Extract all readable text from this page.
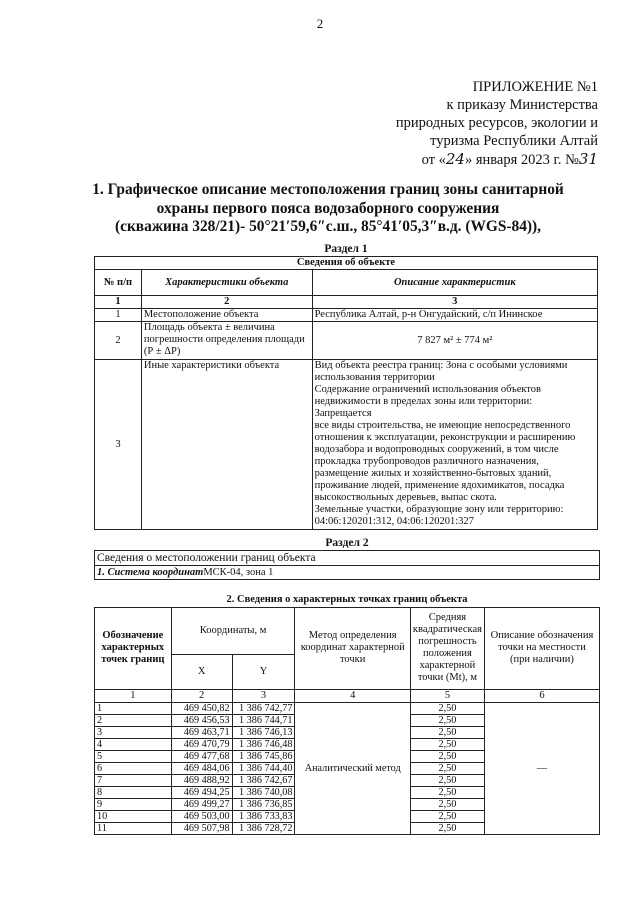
2
ПРИЛОЖЕНИЕ №1
к приказу Министерства
природных ресурсов, экологии и
туризма Республики Алтай
от «24» января 2023 г. №31
1. Графическое описание местоположения границ зоны санитарной
охраны первого пояса водозаборного сооружения
(скважина 328/21)- 50°21′59,6″с.ш., 85°41′05,3″в.д. (WGS-84)),
Раздел 1
Сведения об объекте		
№ п/п	Характеристики объекта	Описание характеристик
1	2	3
1	Местоположение объекта	Республика Алтай, р-н Онгудайский, с/п Ининское
2	Площадь объекта ± величина погрешности определения площади (Р ± ΔР)	7 827 м² ± 774 м²
3	Иные характеристики объекта	Вид объекта реестра границ: Зона с особыми условиями использования территории
Содержание ограничений использования объектов недвижимости в пределах зоны или территории:
Запрещается
все виды строительства, не имеющие непосредственного отношения к эксплуатации, реконструкции и расширению водозабора и водопроводных сооружений, в том числе прокладка трубопроводов различного назначения, размещение жилых и хозяйственно-бытовых зданий, проживание людей, применение ядохимикатов, посадка высокоствольных деревьев, выпас скота.
Земельные участки, образующие зону или территорию: 04:06:120201:312, 04:06:120201:327
Раздел 2
Сведения о местоположении границ объекта
1. Система координатМСК-04, зона 1
2. Сведения о характерных точках границ объекта					
Обозначение характерных точек границ	Координаты, м		Метод определения координат характерной точки	Средняя квадратическая погрешность положения характерной точки (Mt), м	Описание обозначения точки на местности (при наличии)
	X	Y			
1	2	3	4	5	6
1	469 450,82	1 386 742,77	Аналитический метод	2,50	—
2	469 456,53	1 386 744,71		2,50	
3	469 463,71	1 386 746,13		2,50	
4	469 470,79	1 386 746,48		2,50	
5	469 477,68	1 386 745,86		2,50	
6	469 484,06	1 386 744,40		2,50	
7	469 488,92	1 386 742,67		2,50	
8	469 494,25	1 386 740,08		2,50	
9	469 499,27	1 386 736,85		2,50	
10	469 503,00	1 386 733,83		2,50	
11	469 507,98	1 386 728,72		2,50	
